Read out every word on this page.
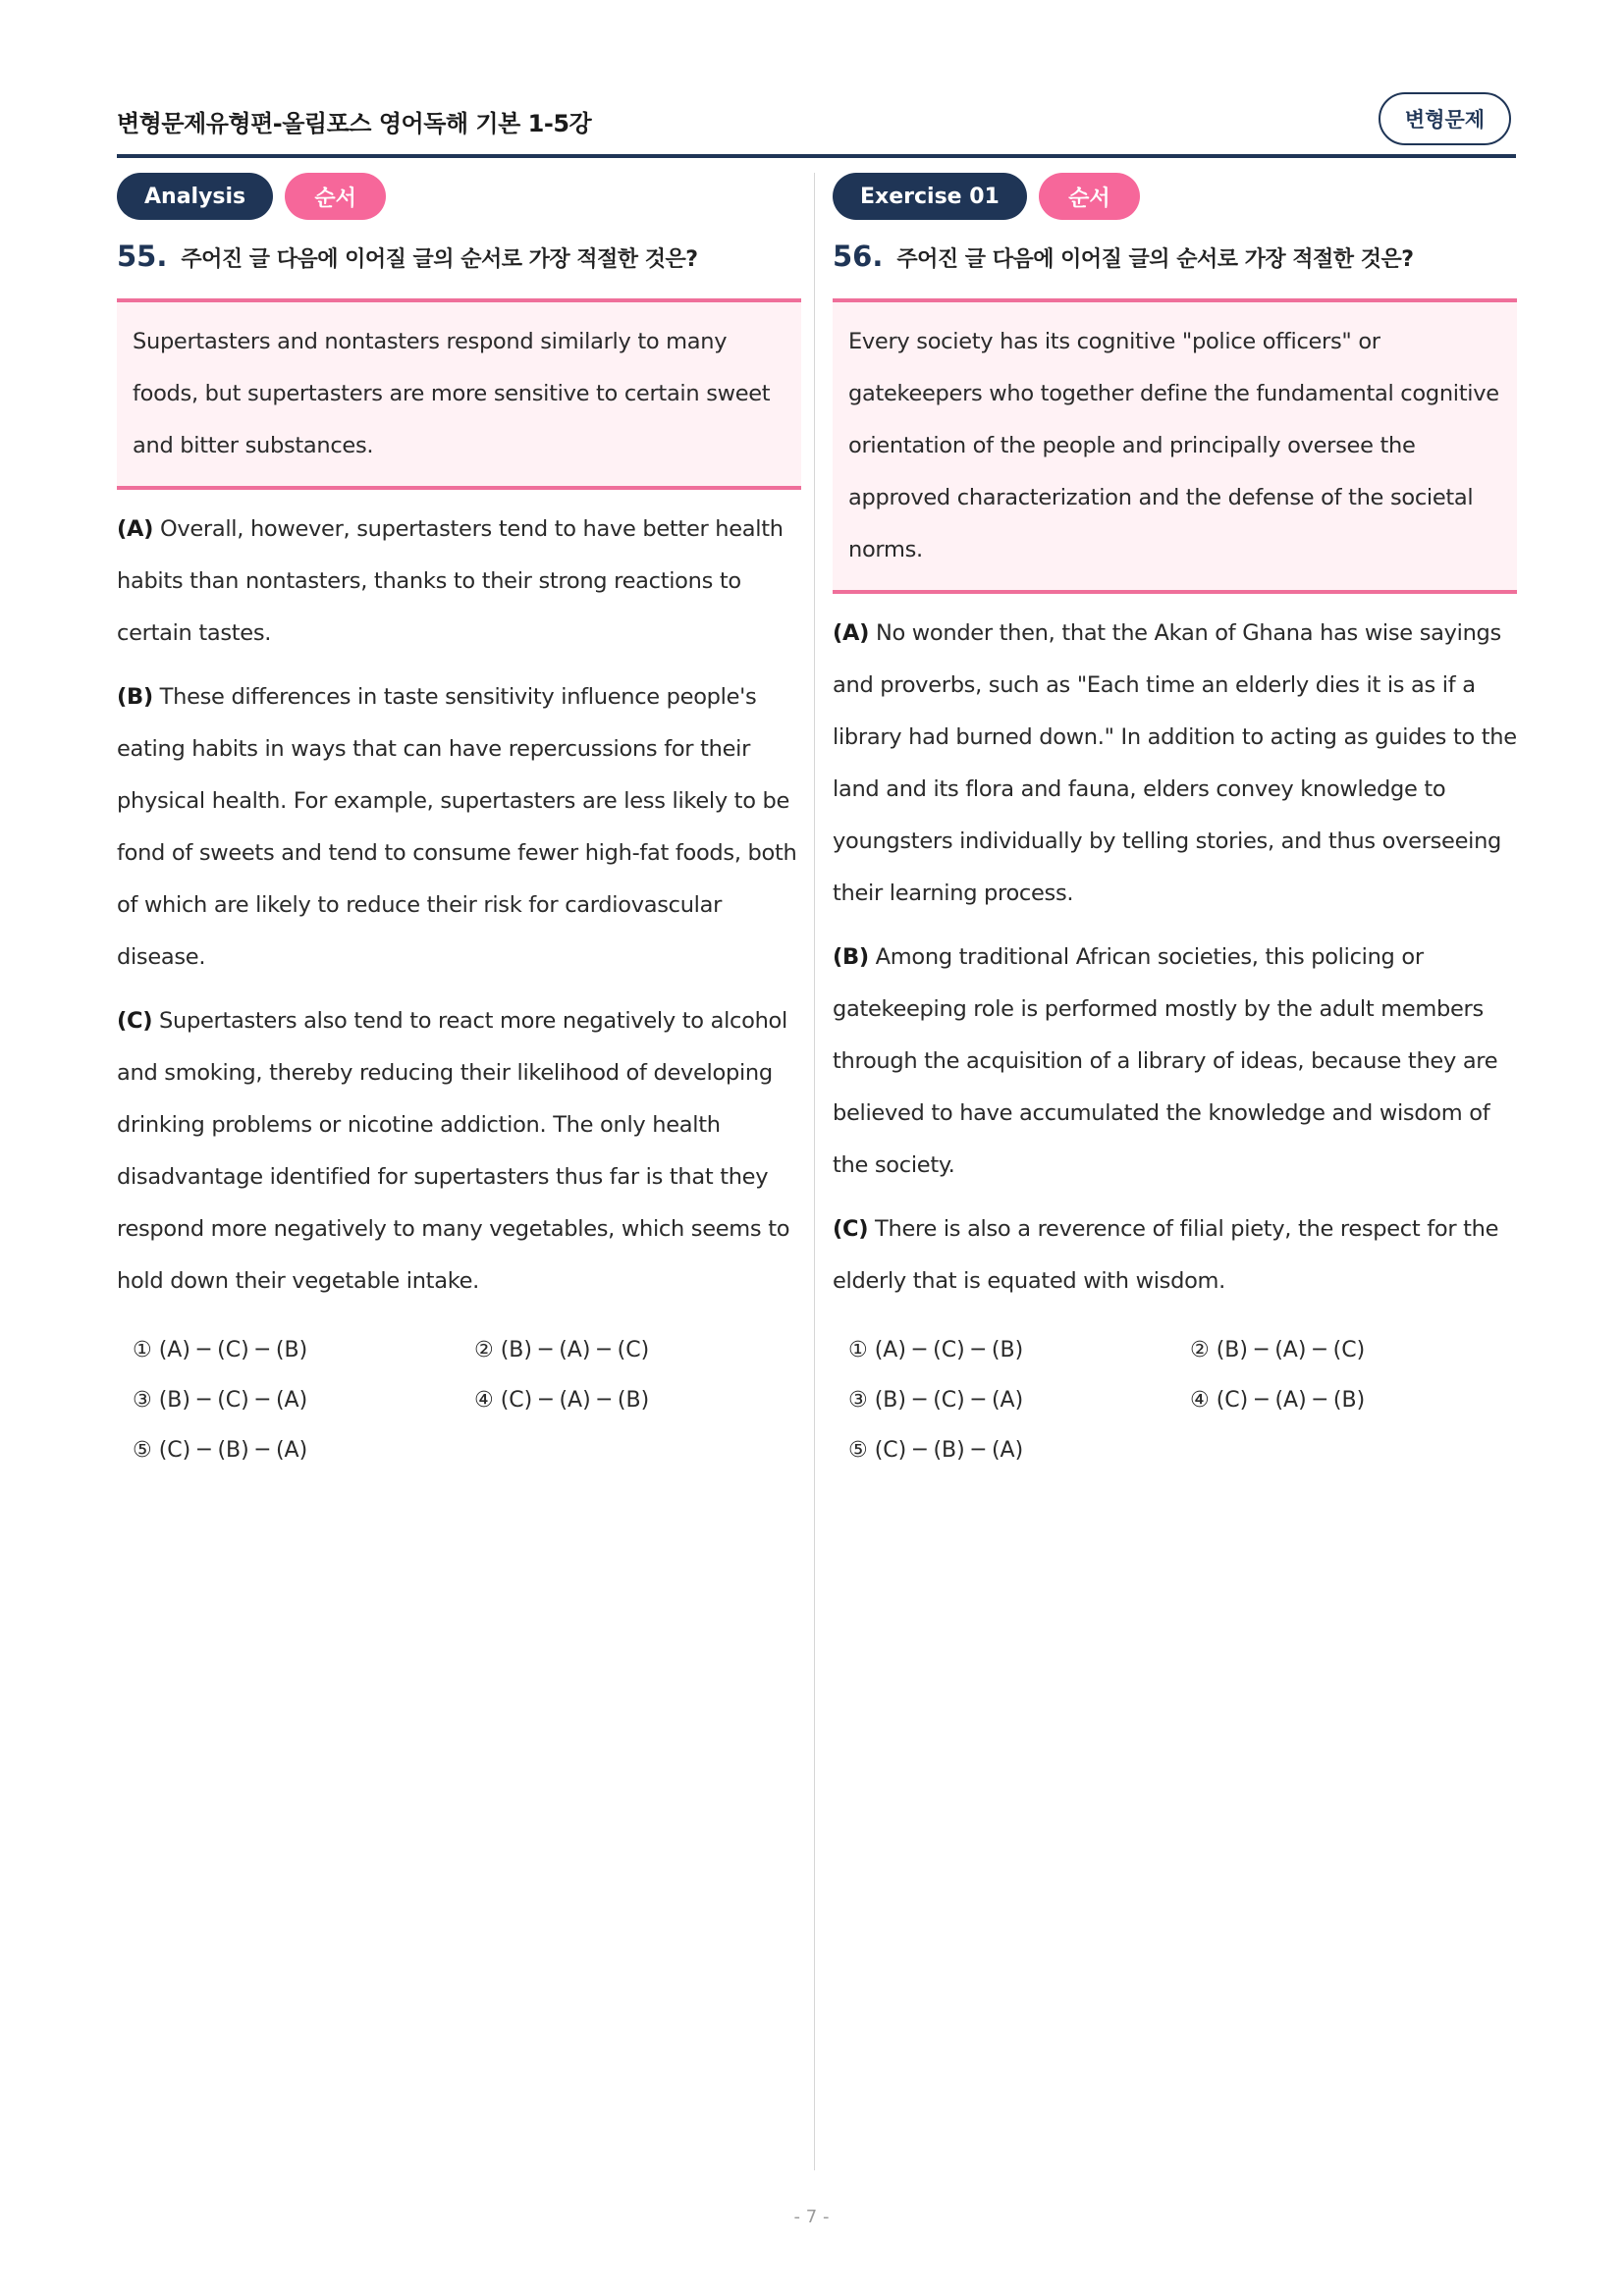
변형문제유형편-올림포스 영어독해 기본 1-5강	변형문제
Analysis	순서
55. 주어진 글 다음에 이어질 글의 순서로 가장 적절한 것은?
Supertasters and nontasters respond similarly to many foods, but supertasters are more sensitive to certain sweet and bitter substances.
(A) Overall, however, supertasters tend to have better health habits than nontasters, thanks to their strong reactions to certain tastes.
(B) These differences in taste sensitivity influence people's eating habits in ways that can have repercussions for their physical health. For example, supertasters are less likely to be fond of sweets and tend to consume fewer high-fat foods, both of which are likely to reduce their risk for cardiovascular disease.
(C) Supertasters also tend to react more negatively to alcohol and smoking, thereby reducing their likelihood of developing drinking problems or nicotine addiction. The only health disadvantage identified for supertasters thus far is that they respond more negatively to many vegetables, which seems to hold down their vegetable intake.
① (A) ─ (C) ─ (B)	② (B) ─ (A) ─ (C)
③ (B) ─ (C) ─ (A)	④ (C) ─ (A) ─ (B)
⑤ (C) ─ (B) ─ (A)
Exercise 01	순서
56. 주어진 글 다음에 이어질 글의 순서로 가장 적절한 것은?
Every society has its cognitive "police officers" or gatekeepers who together define the fundamental cognitive orientation of the people and principally oversee the approved characterization and the defense of the societal norms.
(A) No wonder then, that the Akan of Ghana has wise sayings and proverbs, such as "Each time an elderly dies it is as if a library had burned down." In addition to acting as guides to the land and its flora and fauna, elders convey knowledge to youngsters individually by telling stories, and thus overseeing their learning process.
(B) Among traditional African societies, this policing or gatekeeping role is performed mostly by the adult members through the acquisition of a library of ideas, because they are believed to have accumulated the knowledge and wisdom of the society.
(C) There is also a reverence of filial piety, the respect for the elderly that is equated with wisdom.
① (A) ─ (C) ─ (B)	② (B) ─ (A) ─ (C)
③ (B) ─ (C) ─ (A)	④ (C) ─ (A) ─ (B)
⑤ (C) ─ (B) ─ (A)
- 7 -
